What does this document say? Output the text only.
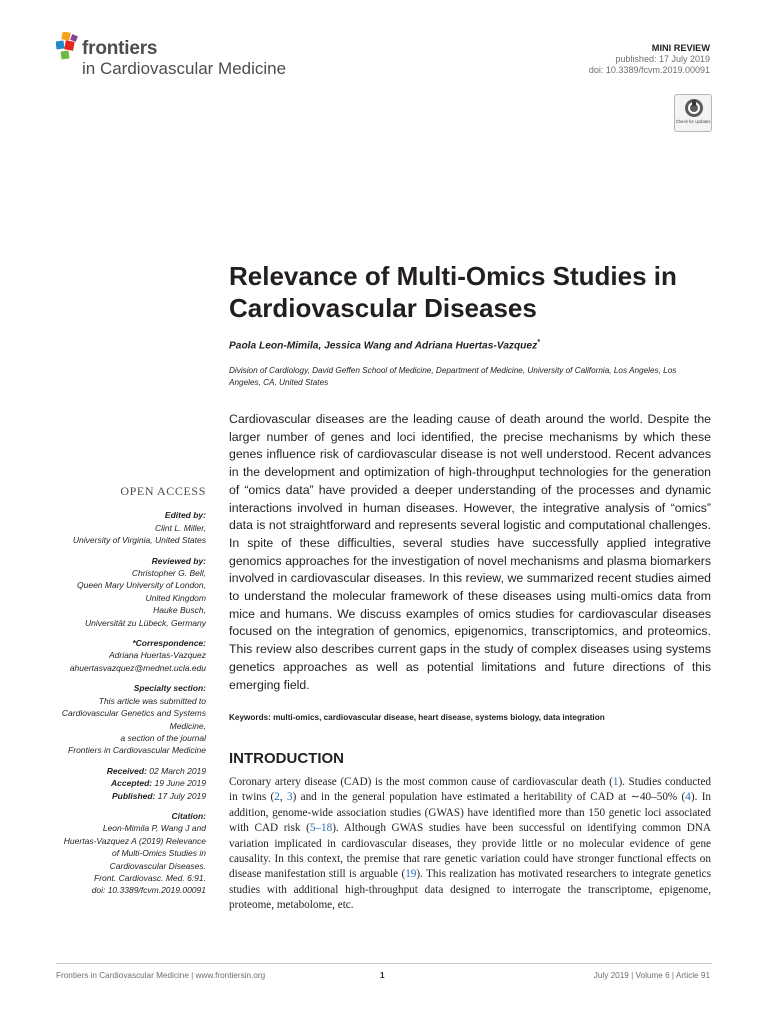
frontiers
in Cardiovascular Medicine
MINI REVIEW
published: 17 July 2019
doi: 10.3389/fcvm.2019.00091
Check for updates
Relevance of Multi-Omics Studies in Cardiovascular Diseases
Paola Leon-Mimila, Jessica Wang and Adriana Huertas-Vazquez*
Division of Cardiology, David Geffen School of Medicine, Department of Medicine, University of California, Los Angeles, Los Angeles, CA, United States
Cardiovascular diseases are the leading cause of death around the world. Despite the larger number of genes and loci identified, the precise mechanisms by which these genes influence risk of cardiovascular disease is not well understood. Recent advances in the development and optimization of high-throughput technologies for the generation of “omics data” have provided a deeper understanding of the processes and dynamic interactions involved in human diseases. However, the integrative analysis of “omics” data is not straightforward and represents several logistic and computational challenges. In spite of these difficulties, several studies have successfully applied integrative genomics approaches for the investigation of novel mechanisms and plasma biomarkers involved in cardiovascular diseases. In this review, we summarized recent studies aimed to understand the molecular framework of these diseases using multi-omics data from mice and humans. We discuss examples of omics studies for cardiovascular diseases focused on the integration of genomics, epigenomics, transcriptomics, and proteomics. This review also describes current gaps in the study of complex diseases using systems genetics approaches as well as potential limitations and future directions of this emerging field.
Keywords: multi-omics, cardiovascular disease, heart disease, systems biology, data integration
OPEN ACCESS
Edited by:
Clint L. Miller,
University of Virginia, United States
Reviewed by:
Christopher G. Bell,
Queen Mary University of London,
United Kingdom
Hauke Busch,
Universität zu Lübeck, Germany
*Correspondence:
Adriana Huertas-Vazquez
ahuertasvazquez@mednet.ucla.edu
Specialty section:
This article was submitted to
Cardiovascular Genetics and Systems
Medicine,
a section of the journal
Frontiers in Cardiovascular Medicine
Received: 02 March 2019
Accepted: 19 June 2019
Published: 17 July 2019
Citation:
Leon-Mimila P, Wang J and
Huertas-Vazquez A (2019) Relevance
of Multi-Omics Studies in
Cardiovascular Diseases.
Front. Cardiovasc. Med. 6:91.
doi: 10.3389/fcvm.2019.00091
INTRODUCTION
Coronary artery disease (CAD) is the most common cause of cardiovascular death (1). Studies conducted in twins (2, 3) and in the general population have estimated a heritability of CAD at ∼40–50% (4). In addition, genome-wide association studies (GWAS) have identified more than 150 genetic loci associated with CAD risk (5–18). Although GWAS studies have been successful on identifying common DNA variation implicated in cardiovascular diseases, they provide little or no molecular evidence of gene causality. In this context, the premise that rare genetic variation could have stronger functional effects on disease manifestation still is arguable (19). This realization has motivated researchers to integrate genetics studies with additional high-throughput data designed to interrogate the transcriptome, epigenome, proteome, metabolome, etc.
Frontiers in Cardiovascular Medicine | www.frontiersin.org	1	July 2019 | Volume 6 | Article 91
